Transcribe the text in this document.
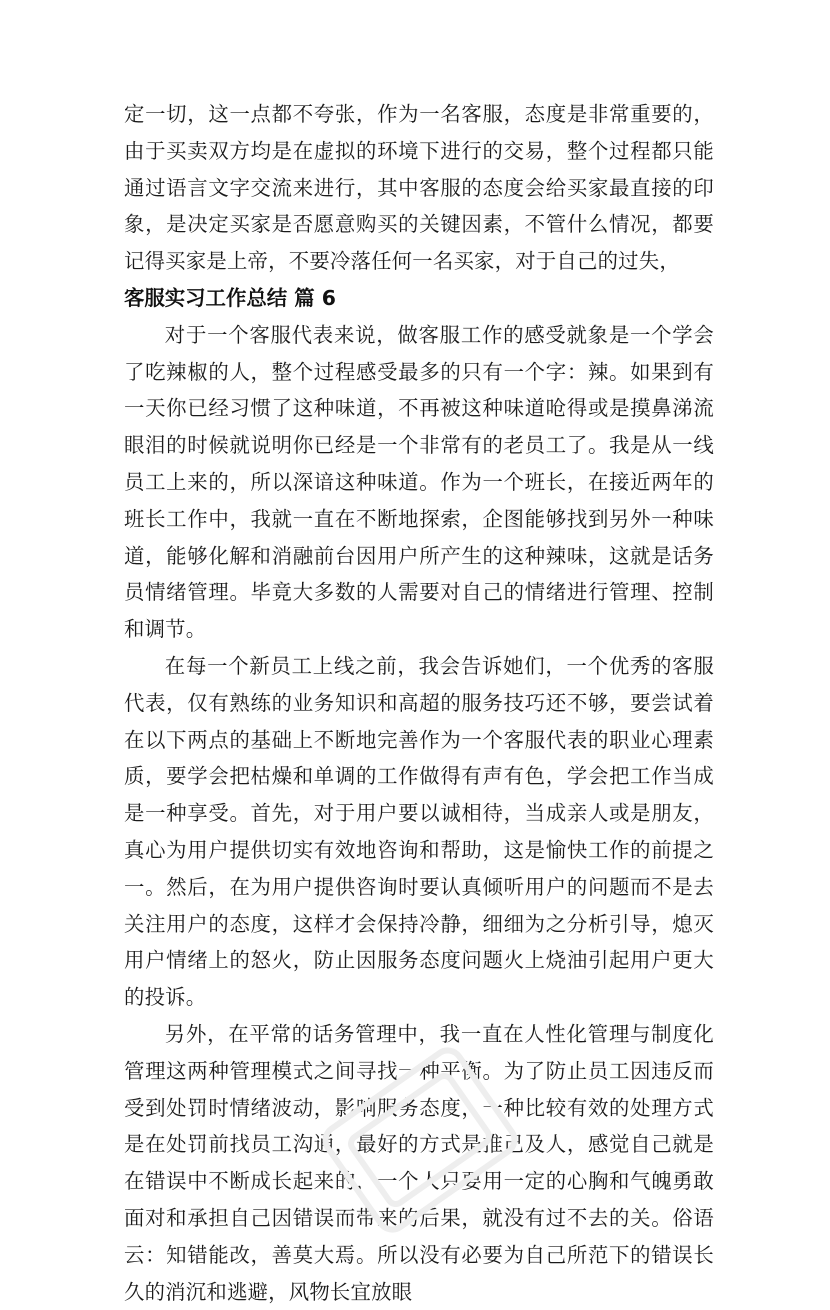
定一切，这一点都不夸张，作为一名客服，态度是非常重要的，由于买卖双方均是在虚拟的环境下进行的交易，整个过程都只能通过语言文字交流来进行，其中客服的态度会给买家最直接的印象，是决定买家是否愿意购买的关键因素，不管什么情况，都要记得买家是上帝，不要冷落任何一名买家，对于自己的过失，

客服实习工作总结 篇 6

对于一个客服代表来说，做客服工作的感受就象是一个学会了吃辣椒的人，整个过程感受最多的只有一个字：辣。如果到有一天你已经习惯了这种味道，不再被这种味道呛得或是摸鼻涕流眼泪的时候就说明你已经是一个非常有的老员工了。我是从一线员工上来的，所以深谙这种味道。作为一个班长，在接近两年的班长工作中，我就一直在不断地探索，企图能够找到另外一种味道，能够化解和消融前台因用户所产生的这种辣味，这就是话务员情绪管理。毕竟大多数的人需要对自己的情绪进行管理、控制和调节。

在每一个新员工上线之前，我会告诉她们，一个优秀的客服代表，仅有熟练的业务知识和高超的服务技巧还不够，要尝试着在以下两点的基础上不断地完善作为一个客服代表的职业心理素质，要学会把枯燥和单调的工作做得有声有色，学会把工作当成是一种享受。首先，对于用户要以诚相待，当成亲人或是朋友，真心为用户提供切实有效地咨询和帮助，这是愉快工作的前提之一。然后，在为用户提供咨询时要认真倾听用户的问题而不是去关注用户的态度，这样才会保持冷静，细细为之分析引导，熄灭用户情绪上的怒火，防止因服务态度问题火上烧油引起用户更大的投诉。

另外，在平常的话务管理中，我一直在人性化管理与制度化管理这两种管理模式之间寻找一种平衡。为了防止员工因违反而受到处罚时情绪波动，影响服务态度，一种比较有效的处理方式是在处罚前找员工沟通，最好的方式是推己及人，感觉自己就是在错误中不断成长起来的，一个人只要用一定的心胸和气魄勇敢面对和承担自己因错误而带来的后果，就没有过不去的关。俗语云：知错能改，善莫大焉。所以没有必要为自己所范下的错误长久的消沉和逃避，风物长宜放眼
